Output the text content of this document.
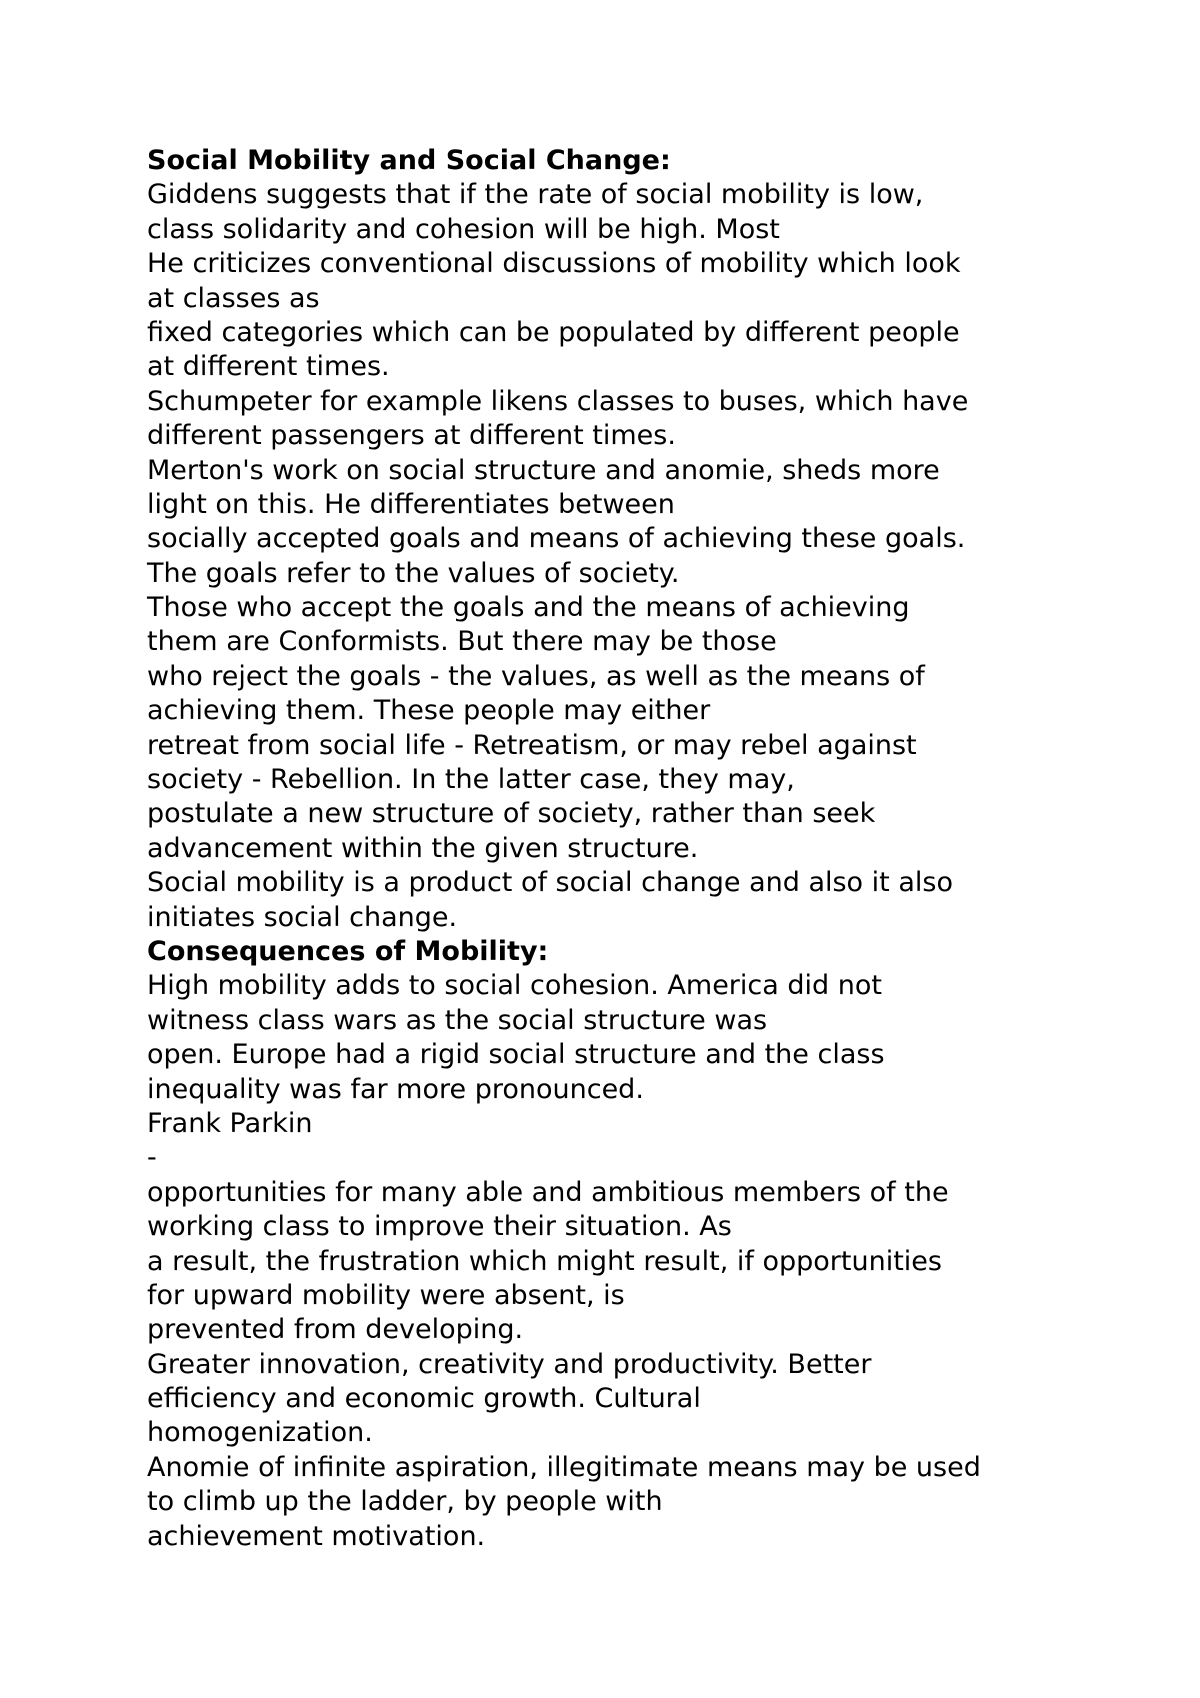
Social Mobility and Social Change:
Giddens suggests that if the rate of social mobility is low,
class solidarity and cohesion will be high. Most
He criticizes conventional discussions of mobility which look
at classes as
fixed categories which can be populated by different people
at different times.
Schumpeter for example likens classes to buses, which have
different passengers at different times.
Merton's work on social structure and anomie, sheds more
light on this. He differentiates between
socially accepted goals and means of achieving these goals.
The goals refer to the values of society.
Those who accept the goals and the means of achieving
them are Conformists. But there may be those
who reject the goals - the values, as well as the means of
achieving them. These people may either
retreat from social life - Retreatism, or may rebel against
society - Rebellion. In the latter case, they may,
postulate a new structure of society, rather than seek
advancement within the given structure.
Social mobility is a product of social change and also it also
initiates social change.
Consequences of Mobility:
High mobility adds to social cohesion. America did not
witness class wars as the social structure was
open. Europe had a rigid social structure and the class
inequality was far more pronounced.
Frank Parkin
-
opportunities for many able and ambitious members of the
working class to improve their situation. As
a result, the frustration which might result, if opportunities
for upward mobility were absent, is
prevented from developing.
Greater innovation, creativity and productivity. Better
efficiency and economic growth. Cultural
homogenization.
Anomie of infinite aspiration, illegitimate means may be used
to climb up the ladder, by people with
achievement motivation.
